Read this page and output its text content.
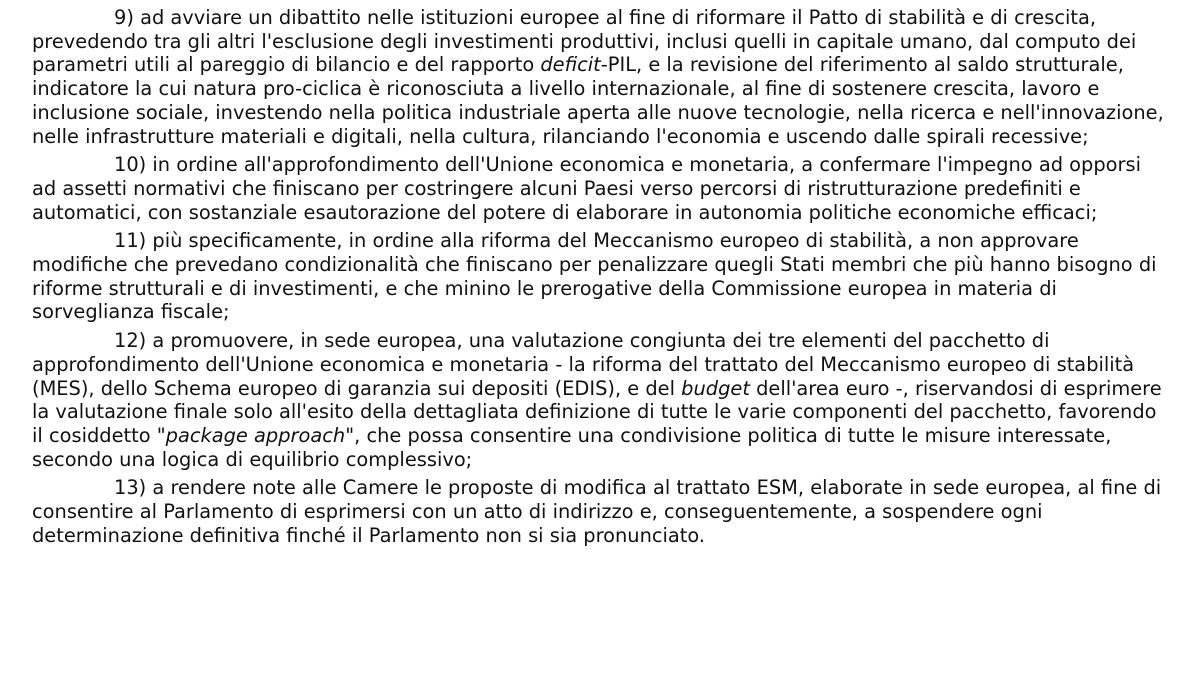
9) ad avviare un dibattito nelle istituzioni europee al fine di riformare il Patto di stabilità e di crescita, prevedendo tra gli altri l'esclusione degli investimenti produttivi, inclusi quelli in capitale umano, dal computo dei parametri utili al pareggio di bilancio e del rapporto deficit-PIL, e la revisione del riferimento al saldo strutturale, indicatore la cui natura pro-ciclica è riconosciuta a livello internazionale, al fine di sostenere crescita, lavoro e inclusione sociale, investendo nella politica industriale aperta alle nuove tecnologie, nella ricerca e nell'innovazione, nelle infrastrutture materiali e digitali, nella cultura, rilanciando l'economia e uscendo dalle spirali recessive;

10) in ordine all'approfondimento dell'Unione economica e monetaria, a confermare l'impegno ad opporsi ad assetti normativi che finiscano per costringere alcuni Paesi verso percorsi di ristrutturazione predefiniti e automatici, con sostanziale esautorazione del potere di elaborare in autonomia politiche economiche efficaci;

11) più specificamente, in ordine alla riforma del Meccanismo europeo di stabilità, a non approvare modifiche che prevedano condizionalità che finiscano per penalizzare quegli Stati membri che più hanno bisogno di riforme strutturali e di investimenti, e che minino le prerogative della Commissione europea in materia di sorveglianza fiscale;

12) a promuovere, in sede europea, una valutazione congiunta dei tre elementi del pacchetto di approfondimento dell'Unione economica e monetaria - la riforma del trattato del Meccanismo europeo di stabilità (MES), dello Schema europeo di garanzia sui depositi (EDIS), e del budget dell'area euro -, riservandosi di esprimere la valutazione finale solo all'esito della dettagliata definizione di tutte le varie componenti del pacchetto, favorendo il cosiddetto "package approach", che possa consentire una condivisione politica di tutte le misure interessate, secondo una logica di equilibrio complessivo;

13) a rendere note alle Camere le proposte di modifica al trattato ESM, elaborate in sede europea, al fine di consentire al Parlamento di esprimersi con un atto di indirizzo e, conseguentemente, a sospendere ogni determinazione definitiva finché il Parlamento non si sia pronunciato.
